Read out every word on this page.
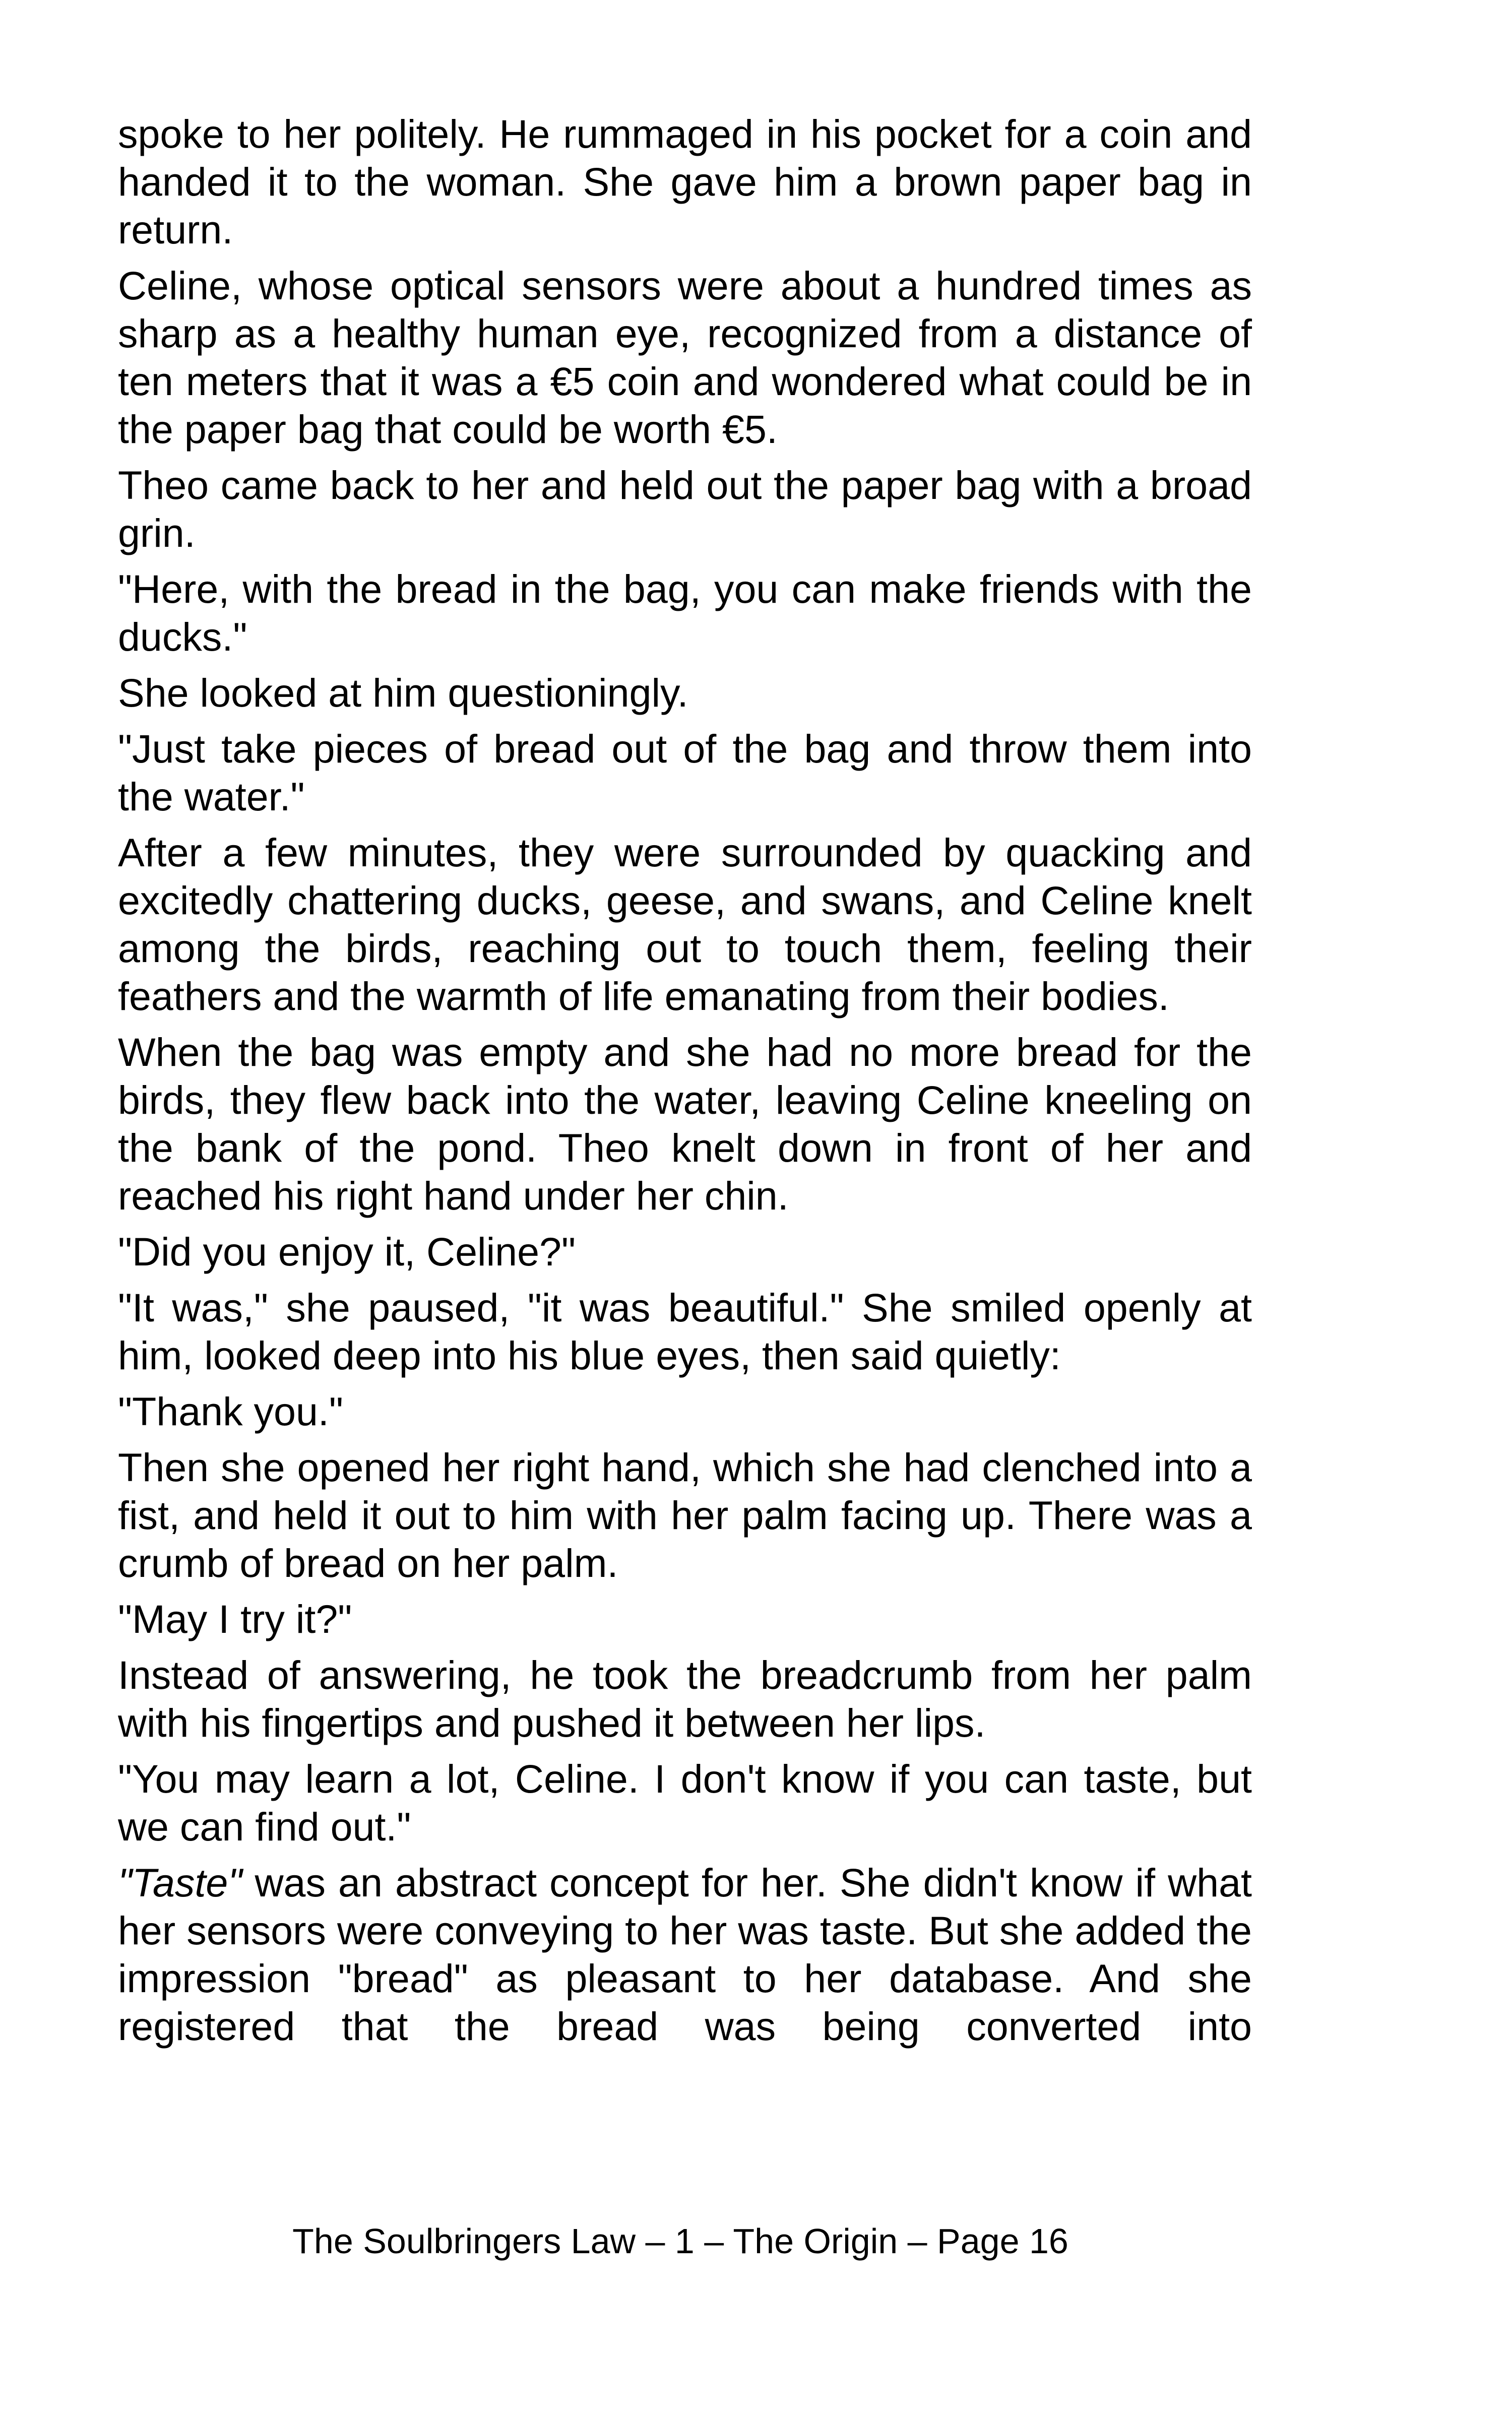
spoke to her politely. He rummaged in his pocket for a coin and handed it to the woman. She gave him a brown paper bag in return.

Celine, whose optical sensors were about a hundred times as sharp as a healthy human eye, recognized from a distance of ten meters that it was a €5 coin and wondered what could be in the paper bag that could be worth €5.

Theo came back to her and held out the paper bag with a broad grin.

"Here, with the bread in the bag, you can make friends with the ducks."

She looked at him questioningly.

"Just take pieces of bread out of the bag and throw them into the water."

After a few minutes, they were surrounded by quacking and excitedly chattering ducks, geese, and swans, and Celine knelt among the birds, reaching out to touch them, feeling their feathers and the warmth of life emanating from their bodies.

When the bag was empty and she had no more bread for the birds, they flew back into the water, leaving Celine kneeling on the bank of the pond. Theo knelt down in front of her and reached his right hand under her chin.

"Did you enjoy it, Celine?"

"It was," she paused, "it was beautiful." She smiled openly at him, looked deep into his blue eyes, then said quietly:

"Thank you."

Then she opened her right hand, which she had clenched into a fist, and held it out to him with her palm facing up. There was a crumb of bread on her palm.

"May I try it?"

Instead of answering, he took the breadcrumb from her palm with his fingertips and pushed it between her lips.

"You may learn a lot, Celine. I don't know if you can taste, but we can find out."

"Taste" was an abstract concept for her. She didn't know if what her sensors were conveying to her was taste. But she added the impression "bread" as pleasant to her database. And she registered that the bread was being converted into

The Soulbringers Law – 1 – The Origin – Page 16
